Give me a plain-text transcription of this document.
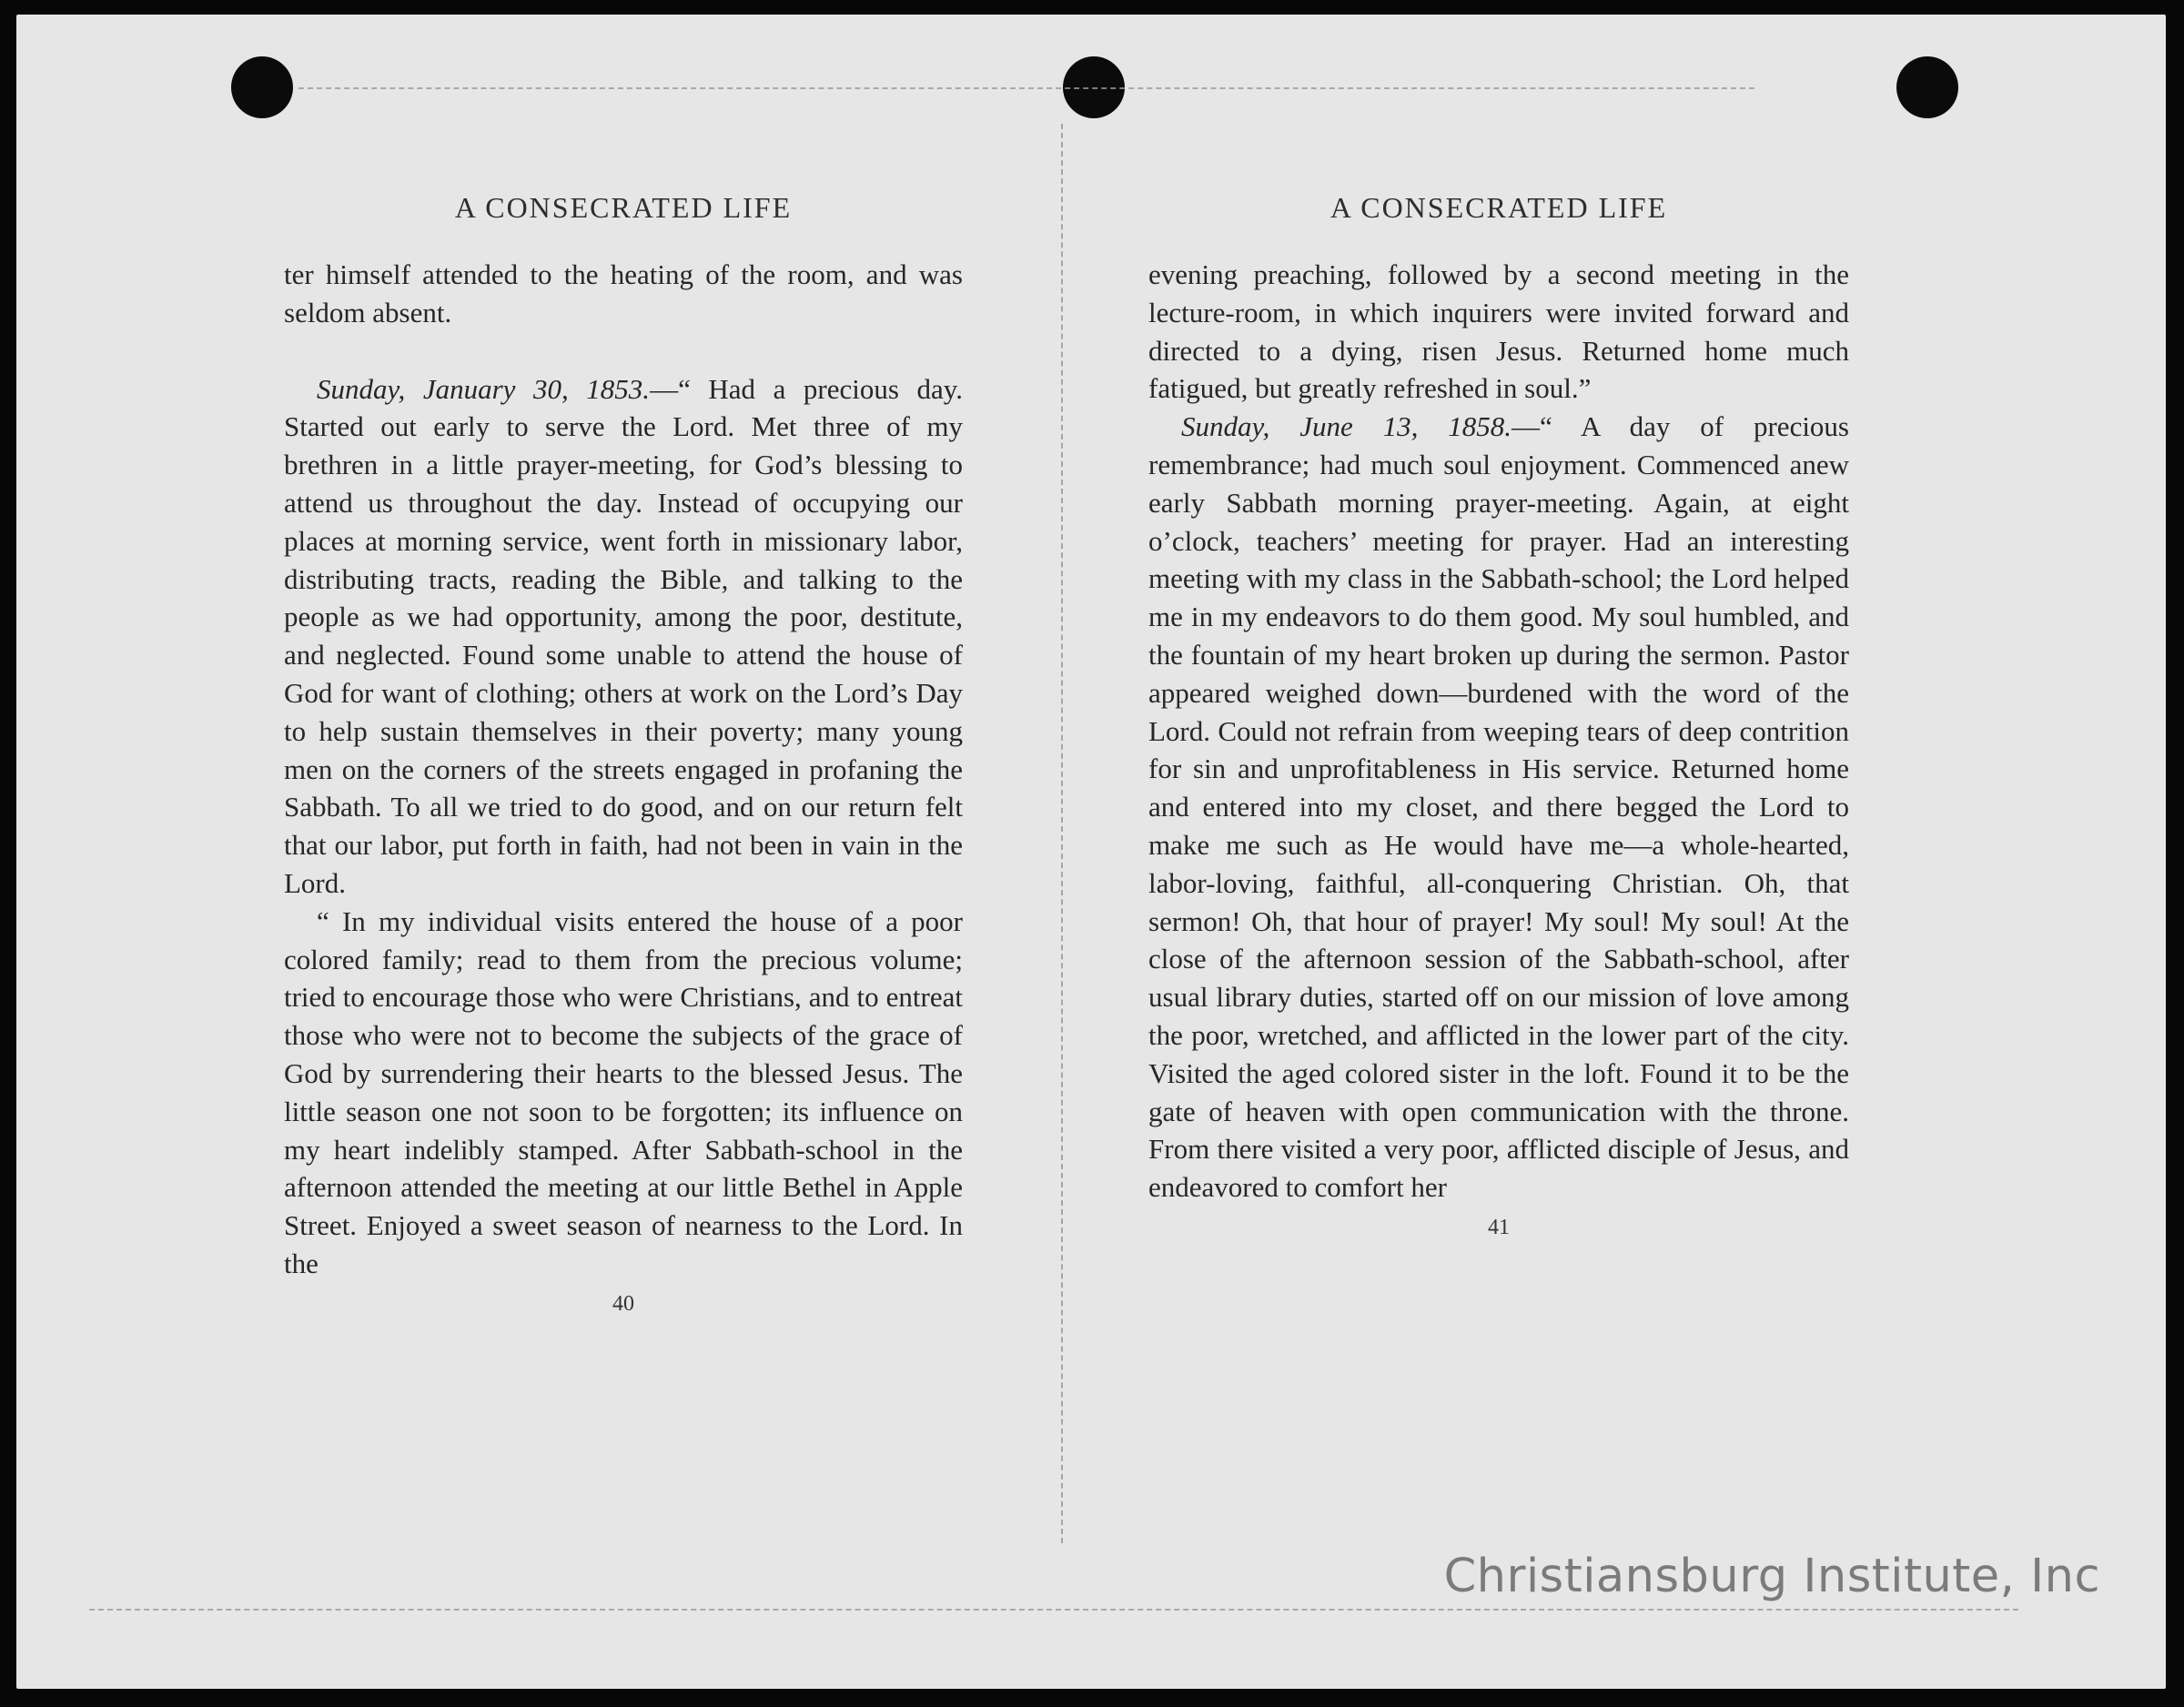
A CONSECRATED LIFE

ter himself attended to the heating of the room, and was seldom absent.

Sunday, January 30, 1853.—“ Had a precious day. Started out early to serve the Lord. Met three of my brethren in a little prayer-meeting, for God’s blessing to attend us throughout the day. Instead of occupying our places at morning service, went forth in missionary labor, distributing tracts, reading the Bible, and talking to the people as we had opportunity, among the poor, destitute, and neglected. Found some unable to attend the house of God for want of clothing; others at work on the Lord’s Day to help sustain themselves in their poverty; many young men on the corners of the streets engaged in profaning the Sabbath. To all we tried to do good, and on our return felt that our labor, put forth in faith, had not been in vain in the Lord.

“ In my individual visits entered the house of a poor colored family; read to them from the precious volume; tried to encourage those who were Christians, and to entreat those who were not to become the subjects of the grace of God by surrendering their hearts to the blessed Jesus. The little season one not soon to be forgotten; its influence on my heart indelibly stamped. After Sabbath-school in the afternoon attended the meeting at our little Bethel in Apple Street. Enjoyed a sweet season of nearness to the Lord. In the

40
A CONSECRATED LIFE

evening preaching, followed by a second meeting in the lecture-room, in which inquirers were invited forward and directed to a dying, risen Jesus. Returned home much fatigued, but greatly refreshed in soul.”

Sunday, June 13, 1858.—“ A day of precious remembrance; had much soul enjoyment. Commenced anew early Sabbath morning prayer-meeting. Again, at eight o’clock, teachers’ meeting for prayer. Had an interesting meeting with my class in the Sabbath-school; the Lord helped me in my endeavors to do them good. My soul humbled, and the fountain of my heart broken up during the sermon. Pastor appeared weighed down—burdened with the word of the Lord. Could not refrain from weeping tears of deep contrition for sin and unprofitableness in His service. Returned home and entered into my closet, and there begged the Lord to make me such as He would have me—a whole-hearted, labor-loving, faithful, all-conquering Christian. Oh, that sermon! Oh, that hour of prayer! My soul! My soul! At the close of the afternoon session of the Sabbath-school, after usual library duties, started off on our mission of love among the poor, wretched, and afflicted in the lower part of the city. Visited the aged colored sister in the loft. Found it to be the gate of heaven with open communication with the throne. From there visited a very poor, afflicted disciple of Jesus, and endeavored to comfort her

41
Christiansburg Institute, Inc
